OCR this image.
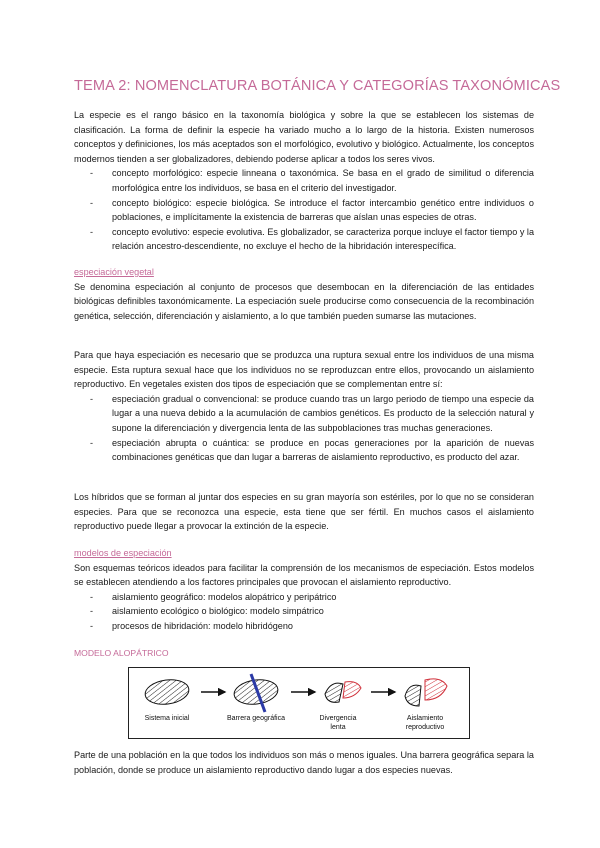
TEMA 2: NOMENCLATURA BOTÁNICA Y CATEGORÍAS TAXONÓMICAS

La especie es el rango básico en la taxonomía biológica y sobre la que se establecen los sistemas de clasificación. La forma de definir la especie ha variado mucho a lo largo de la historia. Existen numerosos conceptos y definiciones, los más aceptados son el morfológico, evolutivo y biológico. Actualmente, los conceptos modernos tienden a ser globalizadores, debiendo poderse aplicar a todos los seres vivos.

- concepto morfológico: especie linneana o taxonómica. Se basa en el grado de similitud o diferencia morfológica entre los individuos, se basa en el criterio del investigador.

- concepto biológico: especie biológica. Se introduce el factor intercambio genético entre individuos o poblaciones, e implícitamente la existencia de barreras que aíslan unas especies de otras.

- concepto evolutivo: especie evolutiva. Es globalizador, se caracteriza porque incluye el factor tiempo y la relación ancestro-descendiente, no excluye el hecho de la hibridación interespecífica.

especiación vegetal

Se denomina especiación al conjunto de procesos que desembocan en la diferenciación de las entidades biológicas definibles taxonómicamente. La especiación suele producirse como consecuencia de la recombinación genética, selección, diferenciación y aislamiento, a lo que también pueden sumarse las mutaciones.

Para que haya especiación es necesario que se produzca una ruptura sexual entre los individuos de una misma especie. Esta ruptura sexual hace que los individuos no se reproduzcan entre ellos, provocando un aislamiento reproductivo. En vegetales existen dos tipos de especiación que se complementan entre sí:

- especiación gradual o convencional: se produce cuando tras un largo periodo de tiempo una especie da lugar a una nueva debido a la acumulación de cambios genéticos. Es producto de la selección natural y supone la diferenciación y divergencia lenta de las subpoblaciones tras muchas generaciones.

- especiación abrupta o cuántica: se produce en pocas generaciones por la aparición de nuevas combinaciones genéticas que dan lugar a barreras de aislamiento reproductivo, es producto del azar.

Los híbridos que se forman al juntar dos especies en su gran mayoría son estériles, por lo que no se consideran especies. Para que se reconozca una especie, esta tiene que ser fértil. En muchos casos el aislamiento reproductivo puede llegar a provocar la extinción de la especie.

modelos de especiación

Son esquemas teóricos ideados para facilitar la comprensión de los mecanismos de especiación. Estos modelos se establecen atendiendo a los factores principales que provocan el aislamiento reproductivo.

- aislamiento geográfico: modelos alopátrico y peripátrico

- aislamiento ecológico o biológico: modelo simpátrico

- procesos de hibridación: modelo hibridógeno

MODELO ALOPÁTRICO
Sistema inicial	Barrera geográfica	Divergencia lenta
Aislamiento reproductivo

Parte de una población en la que todos los individuos son más o menos iguales. Una barrera geográfica separa la población, donde se produce un aislamiento reproductivo dando lugar a dos especies nuevas.
